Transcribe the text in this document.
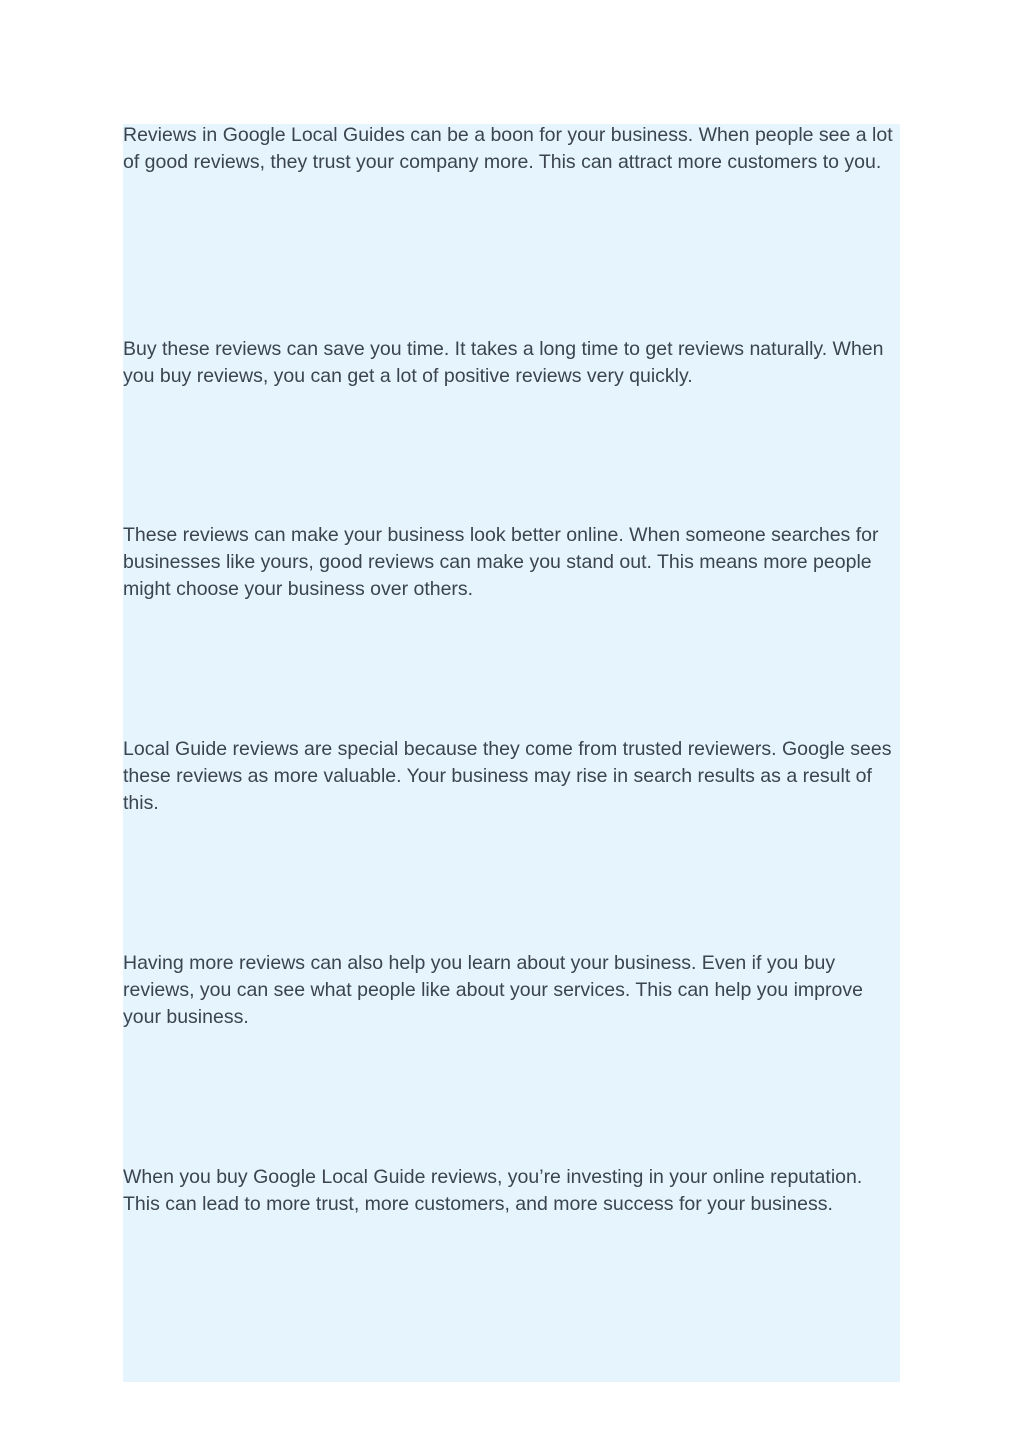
Reviews in Google Local Guides can be a boon for your business. When people see a lot of good reviews, they trust your company more. This can attract more customers to you.

Buy these reviews can save you time. It takes a long time to get reviews naturally. When you buy reviews, you can get a lot of positive reviews very quickly.

These reviews can make your business look better online. When someone searches for businesses like yours, good reviews can make you stand out. This means more people might choose your business over others.

Local Guide reviews are special because they come from trusted reviewers. Google sees these reviews as more valuable. Your business may rise in search results as a result of this.

Having more reviews can also help you learn about your business. Even if you buy reviews, you can see what people like about your services. This can help you improve your business.

When you buy Google Local Guide reviews, you’re investing in your online reputation. This can lead to more trust, more customers, and more success for your business.
